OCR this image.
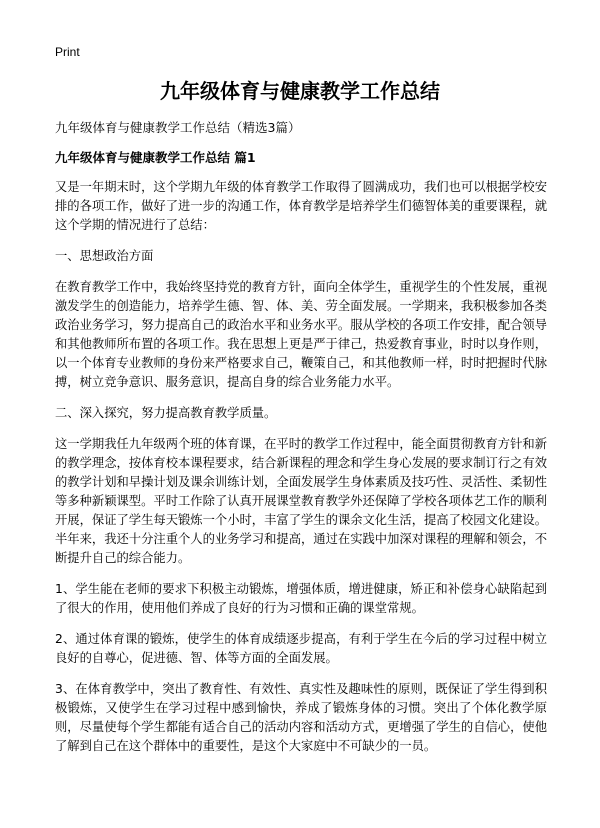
Print
九年级体育与健康教学工作总结
九年级体育与健康教学工作总结（精选3篇）
九年级体育与健康教学工作总结 篇1

又是一年期末时，这个学期九年级的体育教学工作取得了圆满成功，我们也可以根据学校安排的各项工作，做好了进一步的沟通工作，体育教学是培养学生们德智体美的重要课程，就这个学期的情况进行了总结：

一、思想政治方面

在教育教学工作中，我始终坚持党的教育方针，面向全体学生，重视学生的个性发展，重视激发学生的创造能力，培养学生德、智、体、美、劳全面发展。一学期来，我积极参加各类政治业务学习，努力提高自己的政治水平和业务水平。服从学校的各项工作安排，配合领导和其他教师所布置的各项工作。我在思想上更是严于律己，热爱教育事业，时时以身作则，以一个体育专业教师的身份来严格要求自己，鞭策自己，和其他教师一样，时时把握时代脉搏，树立竞争意识、服务意识，提高自身的综合业务能力水平。

二、深入探究，努力提高教育教学质量。

这一学期我任九年级两个班的体育课，在平时的教学工作过程中，能全面贯彻教育方针和新的教学理念，按体育校本课程要求，结合新课程的理念和学生身心发展的要求制订行之有效的教学计划和早操计划及课余训练计划，全面发展学生身体素质及技巧性、灵活性、柔韧性等多种新颖课型。平时工作除了认真开展课堂教育教学外还保障了学校各项体艺工作的顺利开展，保证了学生每天锻炼一个小时，丰富了学生的课余文化生活，提高了校园文化建设。半年来，我还十分注重个人的业务学习和提高，通过在实践中加深对课程的理解和领会，不断提升自己的综合能力。

1、学生能在老师的要求下积极主动锻炼，增强体质，增进健康，矫正和补偿身心缺陷起到了很大的作用，使用他们养成了良好的行为习惯和正确的课堂常规。

2、通过体育课的锻炼，使学生的体育成绩逐步提高，有利于学生在今后的学习过程中树立良好的自尊心，促进德、智、体等方面的全面发展。

3、在体育教学中，突出了教育性、有效性、真实性及趣味性的原则，既保证了学生得到积极锻炼，又使学生在学习过程中感到愉快，养成了锻炼身体的习惯。突出了个体化教学原则，尽量使每个学生都能有适合自己的活动内容和活动方式，更增强了学生的自信心，使他了解到自己在这个群体中的重要性，是这个大家庭中不可缺少的一员。
